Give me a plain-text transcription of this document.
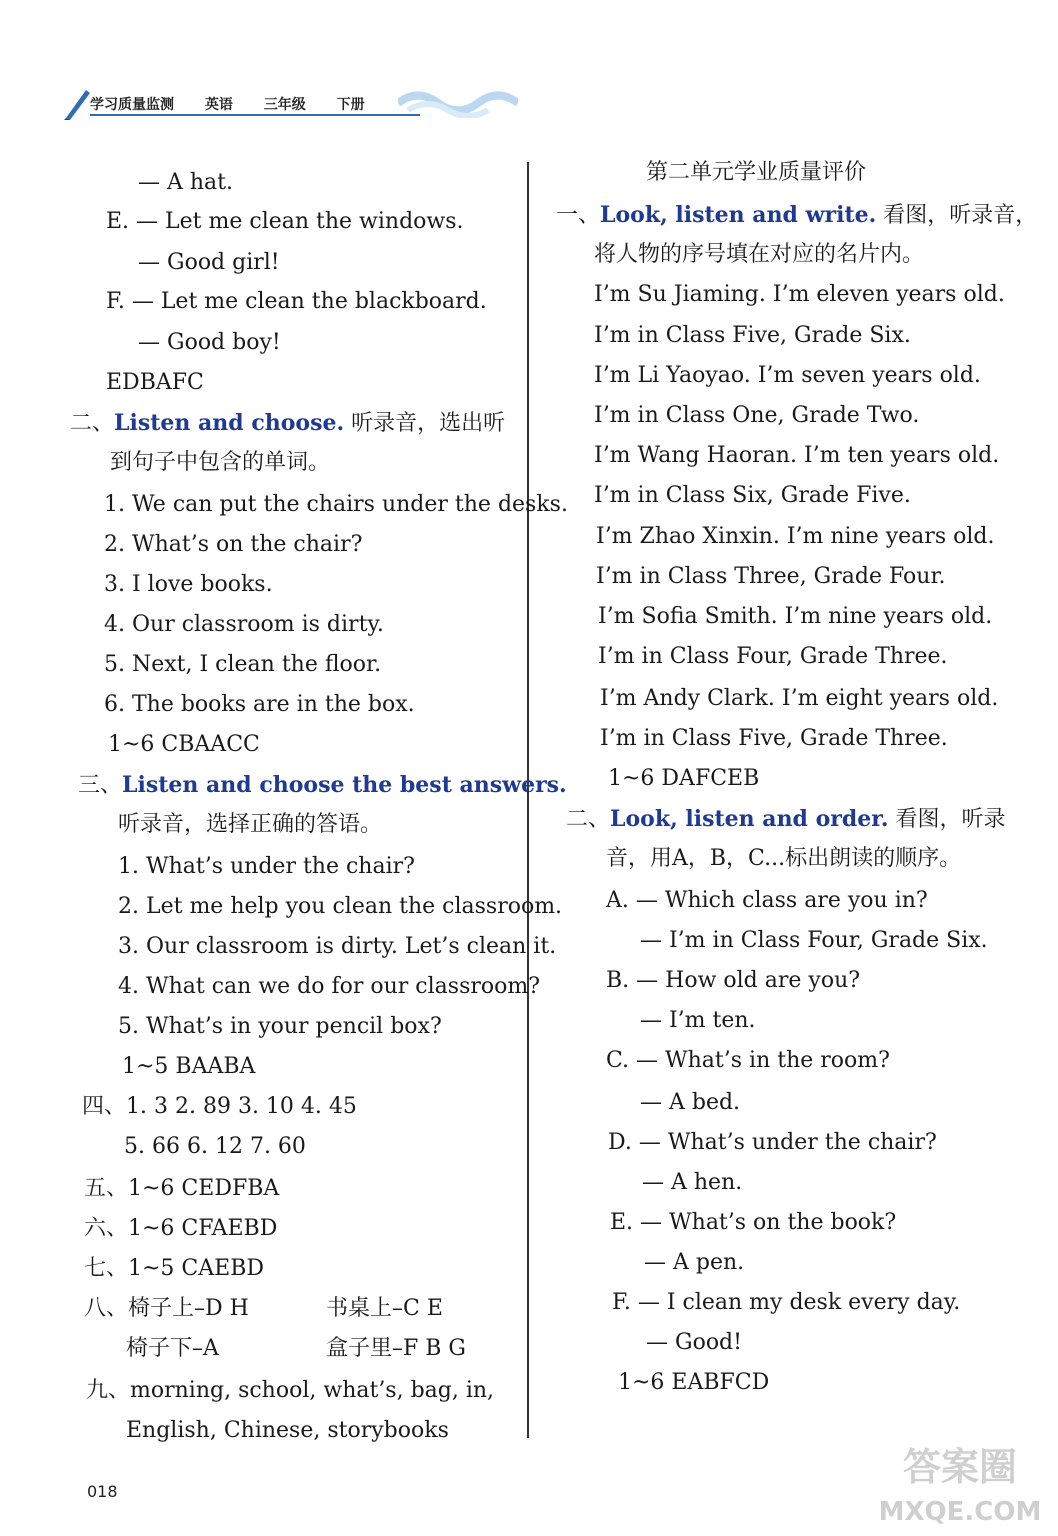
学习质量监测 英语 三年级 下册
— A hat.
E. — Let me clean the windows.
— Good girl!
F. — Let me clean the blackboard.
— Good boy!
EDBAFC
二、Listen and choose. 听录音，选出听
到句子中包含的单词。
1. We can put the chairs under the desks.
2. What’s on the chair?
3. I love books.
4. Our classroom is dirty.
5. Next, I clean the floor.
6. The books are in the box.
1~6 CBAACC
三、Listen and choose the best answers.
听录音，选择正确的答语。
1. What’s under the chair?
2. Let me help you clean the classroom.
3. Our classroom is dirty. Let’s clean it.
4. What can we do for our classroom?
5. What’s in your pencil box?
1~5 BAABA
四、1. 3 2. 89 3. 10 4. 45
5. 66 6. 12 7. 60
五、1~6 CEDFBA
六、1~6 CFAEBD
七、1~5 CAEBD
八、椅子上–D H	书桌上–C E
椅子下–A	盒子里–F B G
九、morning, school, what’s, bag, in,
English, Chinese, storybooks
第二单元学业质量评价
一、Look, listen and write. 看图，听录音，
将人物的序号填在对应的名片内。
I’m Su Jiaming. I’m eleven years old.
I’m in Class Five, Grade Six.
I’m Li Yaoyao. I’m seven years old.
I’m in Class One, Grade Two.
I’m Wang Haoran. I’m ten years old.
I’m in Class Six, Grade Five.
I’m Zhao Xinxin. I’m nine years old.
I’m in Class Three, Grade Four.
I’m Sofia Smith. I’m nine years old.
I’m in Class Four, Grade Three.
I’m Andy Clark. I’m eight years old.
I’m in Class Five, Grade Three.
1~6 DAFCEB
二、Look, listen and order. 看图，听录
音，用A，B，C...标出朗读的顺序。
A. — Which class are you in?
— I’m in Class Four, Grade Six.
B. — How old are you?
— I’m ten.
C. — What’s in the room?
— A bed.
D. — What’s under the chair?
— A hen.
E. — What’s on the book?
— A pen.
F. — I clean my desk every day.
— Good!
1~6 EABFCD
018
答案圈
MXQE.COM
